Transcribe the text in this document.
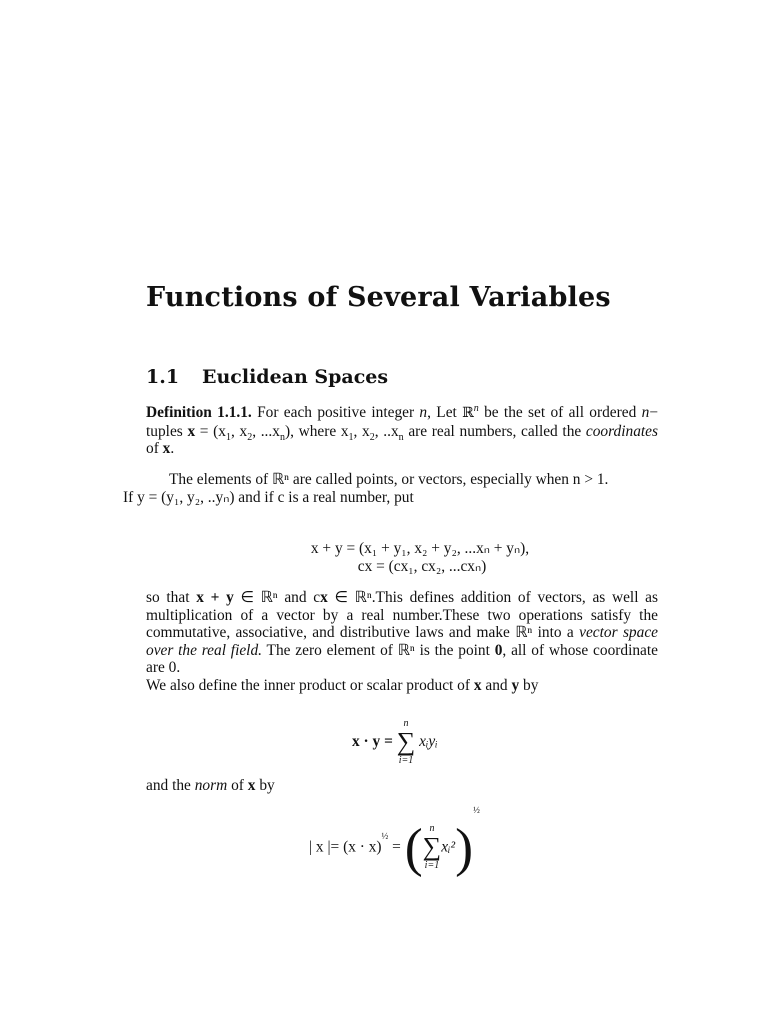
Functions of Several Variables
1.1 Euclidean Spaces
Definition 1.1.1. For each positive integer n, Let ℝ$^n$ be the set of all ordered n− tuples $x = (x_1$, $x_2$, $...x_n$), where $x_1$, $x_2$, $..x_n$ are real numbers, called the coordinates of x.
The elements of ℝⁿ are called points, or vectors, especially when n > 1.
If y = (y₁, y₂, ..yₙ) and if c is a real number, put
x + y = (x₁ + y₁, x₂ + y₂, ...xₙ + yₙ),
cx = (cx₁, cx₂, ...cxₙ)
so that x + y ∈ ℝⁿ and cx ∈ ℝⁿ.This defines addition of vectors, as well as multiplication of a vector by a real number.These two operations satisfy the commutative, associative, and distributive laws and make ℝⁿ into a vector space over the real field. The zero element of ℝⁿ is the point 0, all of whose coordinate are 0.
We also define the inner product or scalar product of x and y by
x · y =
n
∑
i=1
xᵢyᵢ
and the norm of x by
| x |= $(x \cdot x)^{\frac{1}{2}}$ = ( n
∑
i=1
xᵢ²)$^{\frac{1}{2}}$
